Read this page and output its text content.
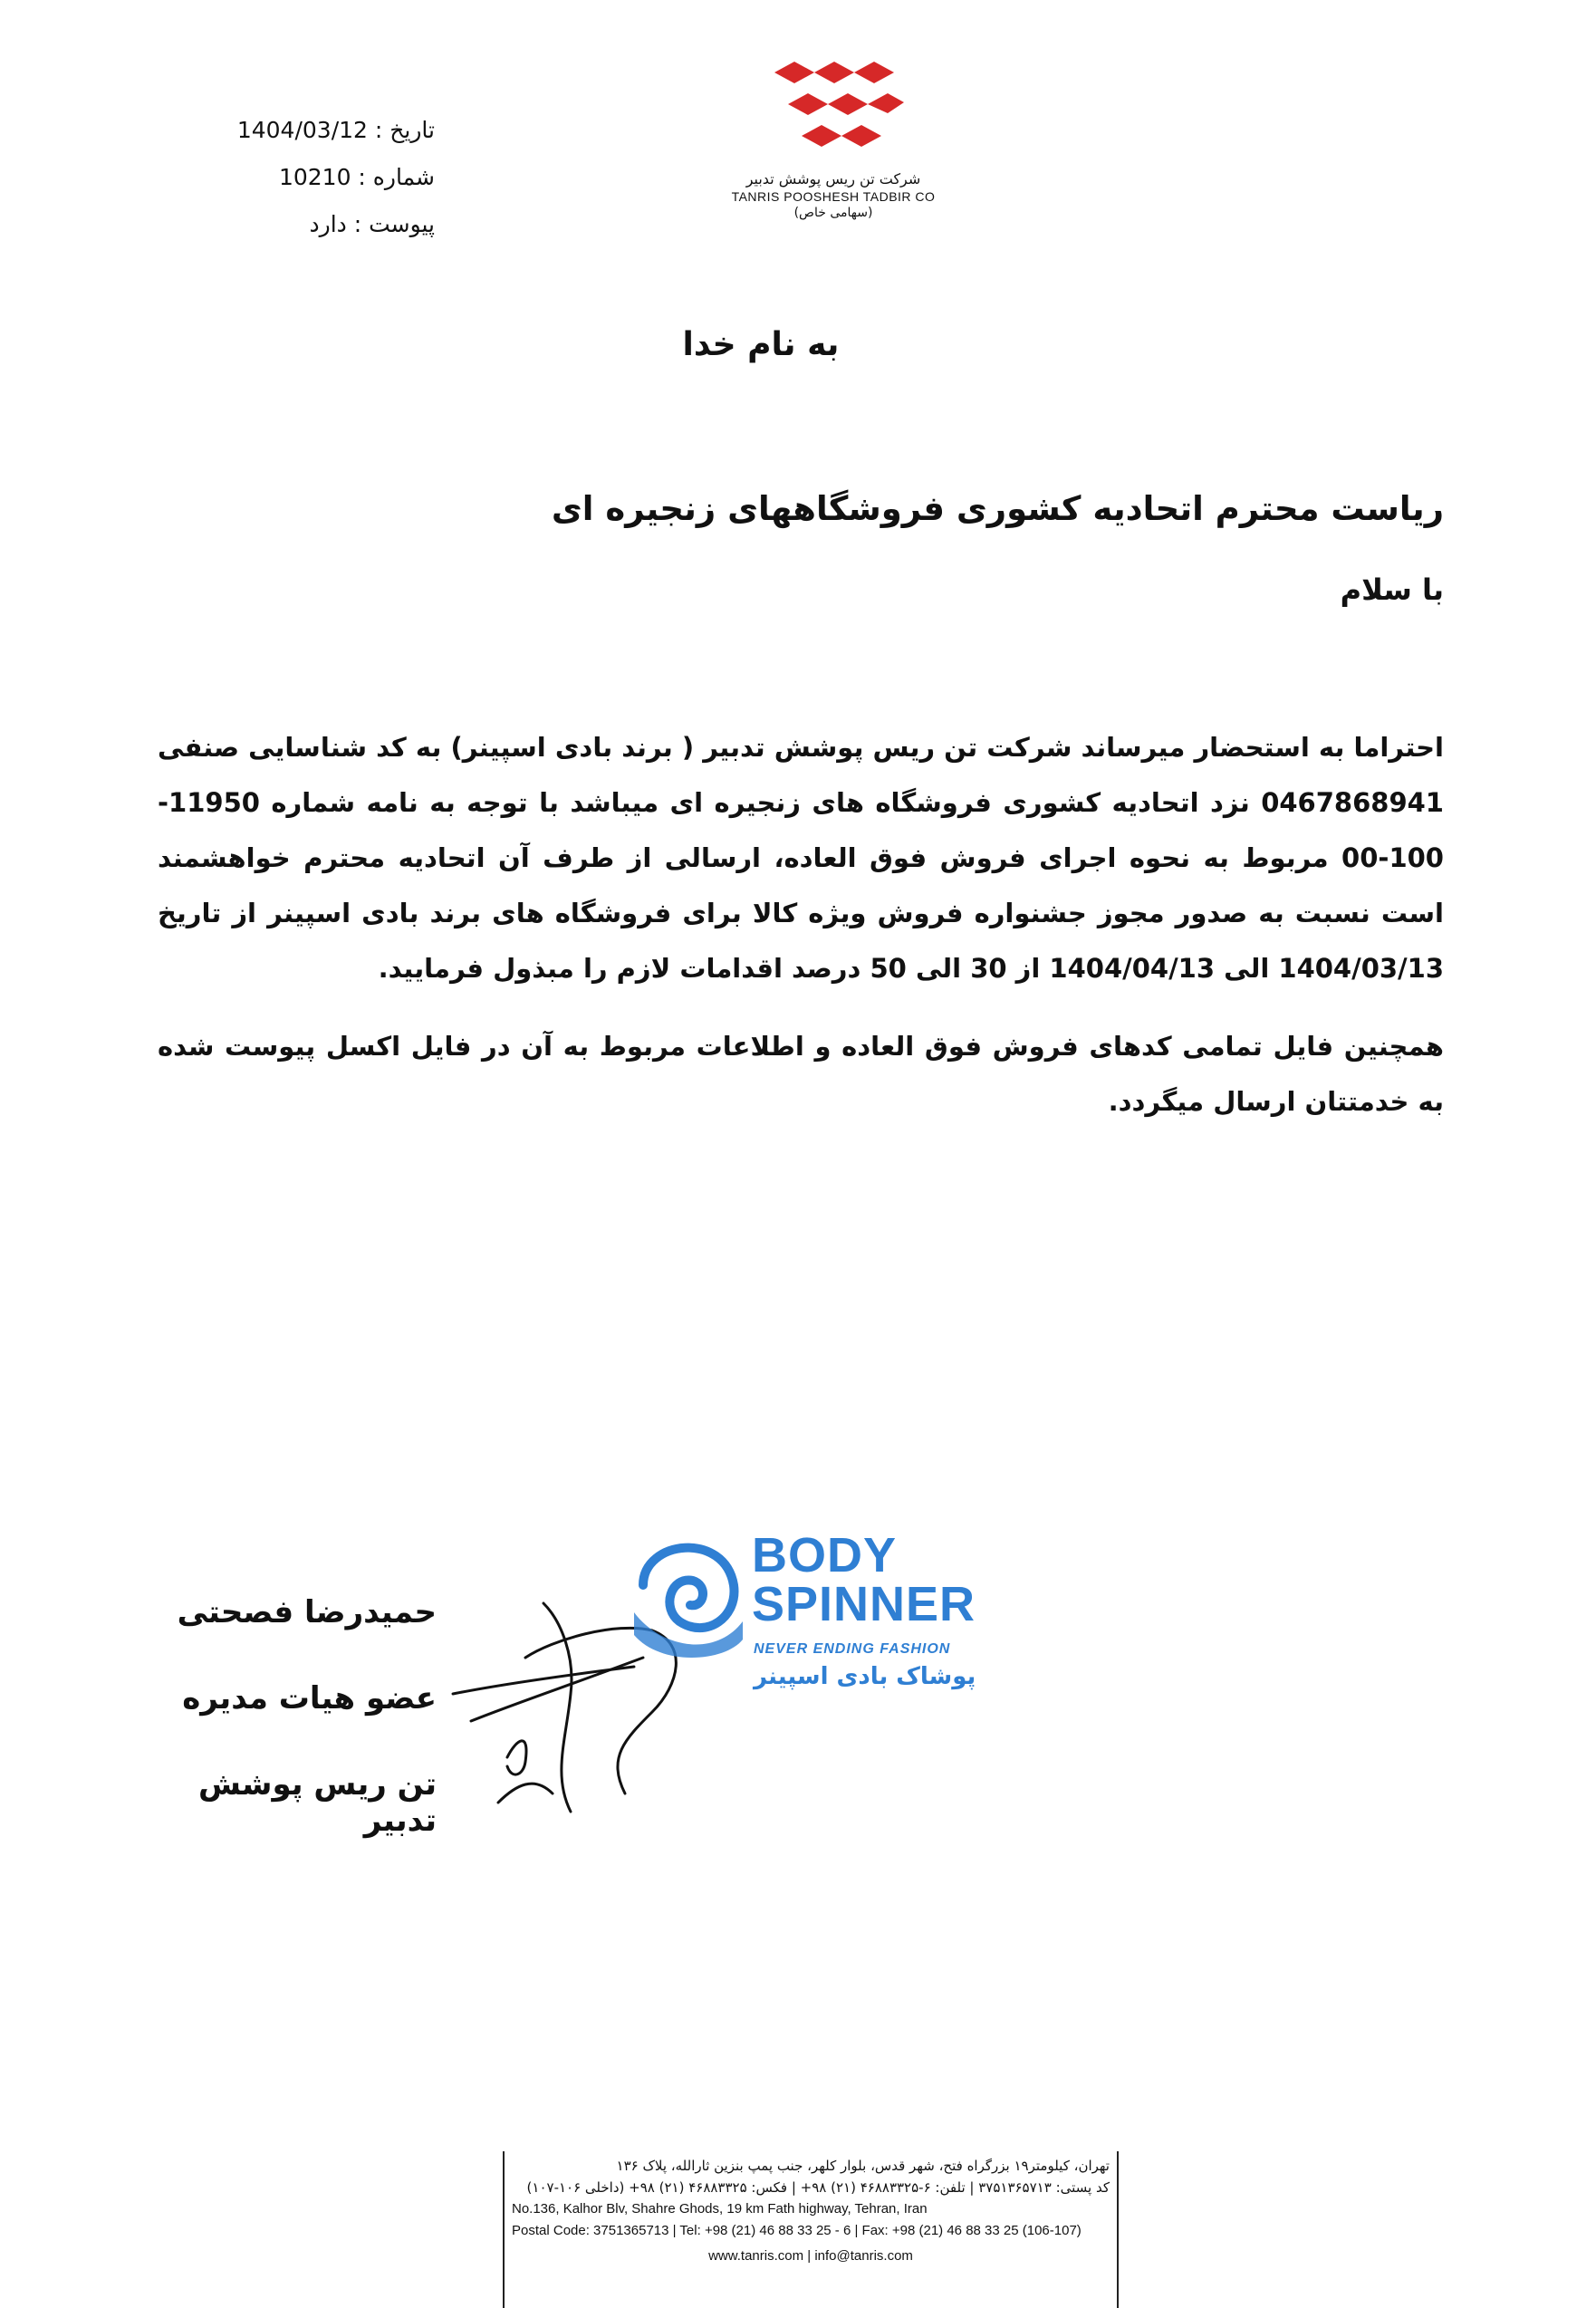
تاریخ : 1404/03/12
شماره : 10210
پیوست : دارد
شرکت تن ریس پوشش تدبیر
TANRIS POOSHESH TADBIR CO
(سهامی خاص)
به نام خدا
ریاست محترم اتحادیه کشوری فروشگاههای زنجیره ای
با سلام
احتراما به استحضار میرساند شرکت تن ریس پوشش تدبیر ( برند بادی اسپینر) به کد شناسایی صنفی 0467868941 نزد اتحادیه کشوری فروشگاه های زنجیره ای میباشد با توجه به نامه شماره 11950-100-00 مربوط به نحوه اجرای فروش فوق العاده، ارسالی از طرف آن اتحادیه محترم خواهشمند است نسبت به صدور مجوز جشنواره فروش ویژه کالا برای فروشگاه های برند بادی اسپینر از تاریخ 1404/03/13 الی 1404/04/13 از 30 الی 50 درصد اقدامات لازم را مبذول فرمایید.
همچنین فایل تمامی کدهای فروش فوق العاده و اطلاعات مربوط به آن در فایل اکسل پیوست شده به خدمتتان ارسال میگردد.
حمیدرضا فصحتی
عضو هیات مدیره
تن ریس پوشش تدبیر
BODY
SPINNER
NEVER ENDING FASHION
پوشاک بادی اسپینر
تهران، کیلومتر۱۹ بزرگراه فتح، شهر قدس، بلوار کلهر، جنب پمپ بنزین ثارالله، پلاک ۱۳۶
کد پستی: ۳۷۵۱۳۶۵۷۱۳ | تلفن: ۶-۴۶۸۸۳۳۲۵ (۲۱) ۹۸+ | فکس: ۴۶۸۸۳۳۲۵ (۲۱) ۹۸+ (داخلی ۱۰۶-۱۰۷)
No.136, Kalhor Blv, Shahre Ghods, 19 km Fath highway, Tehran, Iran
Postal Code: 3751365713 | Tel: +98 (21) 46 88 33 25 - 6 | Fax: +98 (21) 46 88 33 25 (106-107)
www.tanris.com | info@tanris.com
